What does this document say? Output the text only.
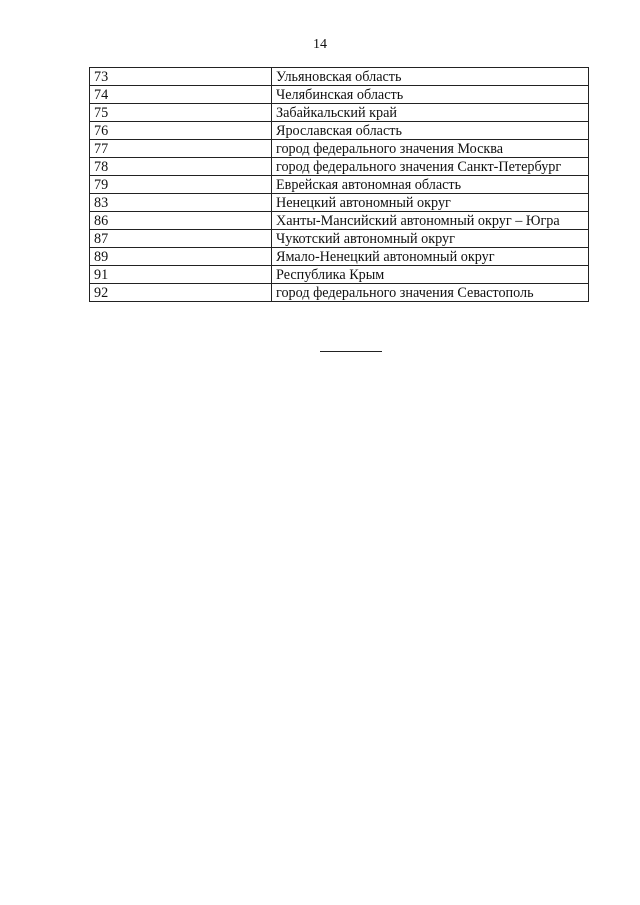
14
73	Ульяновская область
74	Челябинская область
75	Забайкальский край
76	Ярославская область
77	город федерального значения Москва
78	город федерального значения Санкт-Петербург
79	Еврейская автономная область
83	Ненецкий автономный округ
86	Ханты-Мансийский автономный округ – Югра
87	Чукотский автономный округ
89	Ямало-Ненецкий автономный округ
91	Республика Крым
92	город федерального значения Севастополь
